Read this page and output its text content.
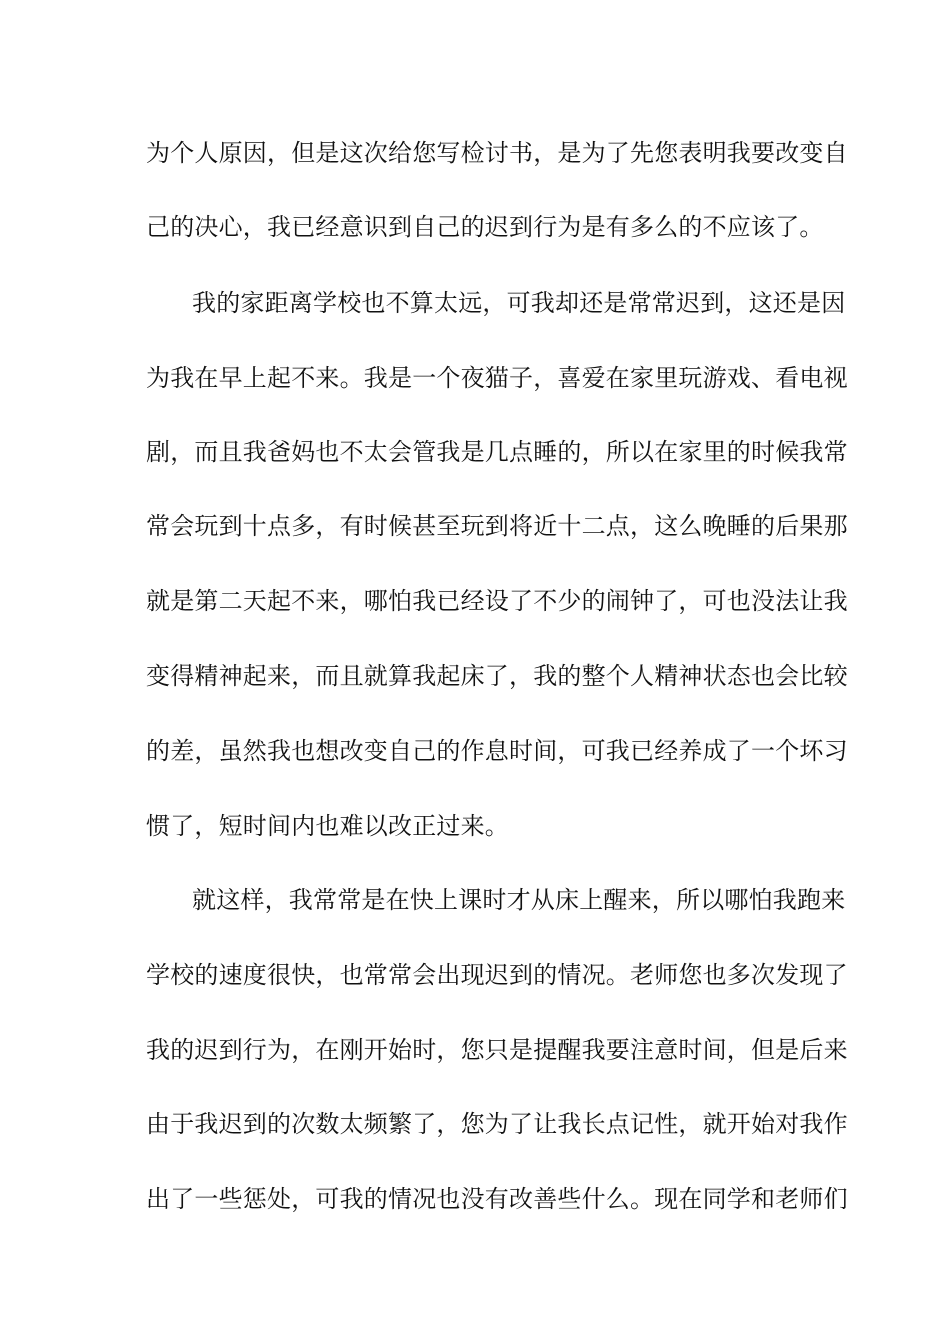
为个人原因，但是这次给您写检讨书，是为了先您表明我要改变自
己的决心，我已经意识到自己的迟到行为是有多么的不应该了。
我的家距离学校也不算太远，可我却还是常常迟到，这还是因
为我在早上起不来。我是一个夜猫子，喜爱在家里玩游戏、看电视
剧，而且我爸妈也不太会管我是几点睡的，所以在家里的时候我常
常会玩到十点多，有时候甚至玩到将近十二点，这么晚睡的后果那
就是第二天起不来，哪怕我已经设了不少的闹钟了，可也没法让我
变得精神起来，而且就算我起床了，我的整个人精神状态也会比较
的差，虽然我也想改变自己的作息时间，可我已经养成了一个坏习
惯了，短时间内也难以改正过来。
就这样，我常常是在快上课时才从床上醒来，所以哪怕我跑来
学校的速度很快，也常常会出现迟到的情况。老师您也多次发现了
我的迟到行为，在刚开始时，您只是提醒我要注意时间，但是后来
由于我迟到的次数太频繁了，您为了让我长点记性，就开始对我作
出了一些惩处，可我的情况也没有改善些什么。现在同学和老师们
